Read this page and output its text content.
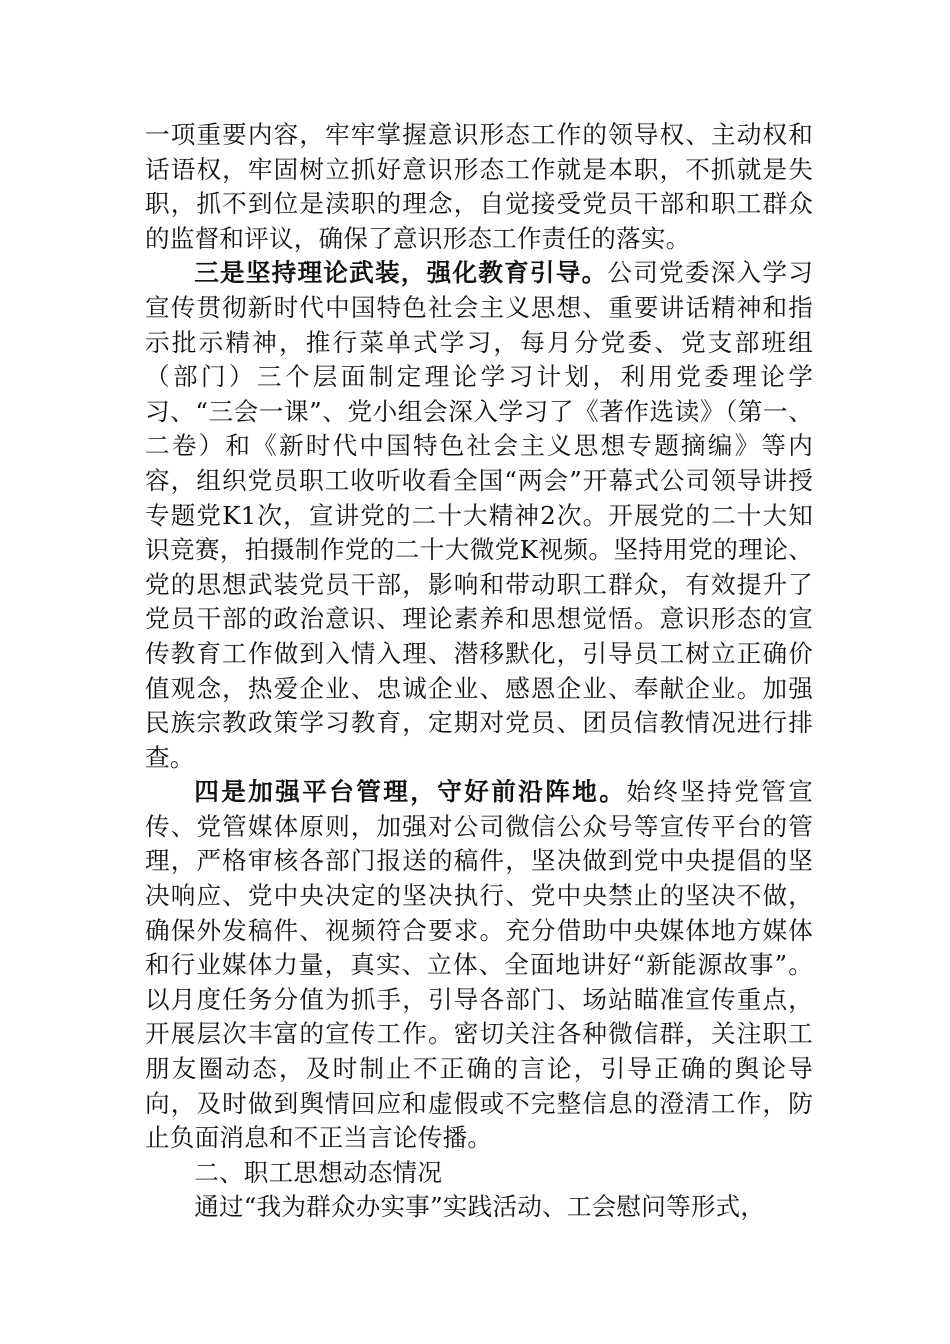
一项重要内容，牢牢掌握意识形态工作的领导权、主动权和话语权，牢固树立抓好意识形态工作就是本职，不抓就是失职，抓不到位是渎职的理念，自觉接受党员干部和职工群众的监督和评议，确保了意识形态工作责任的落实。

三是坚持理论武装，强化教育引导。公司党委深入学习宣传贯彻新时代中国特色社会主义思想、重要讲话精神和指示批示精神，推行菜单式学习，每月分党委、党支部班组（部门）三个层面制定理论学习计划，利用党委理论学习、“三会一课”、党小组会深入学习了《著作选读》（第一、二卷）和《新时代中国特色社会主义思想专题摘编》等内容，组织党员职工收听收看全国“两会”开幕式公司领导讲授专题党K1次，宣讲党的二十大精神2次。开展党的二十大知识竞赛，拍摄制作党的二十大微党K视频。坚持用党的理论、党的思想武装党员干部，影响和带动职工群众，有效提升了党员干部的政治意识、理论素养和思想觉悟。意识形态的宣传教育工作做到入情入理、潜移默化，引导员工树立正确价值观念，热爱企业、忠诚企业、感恩企业、奉献企业。加强民族宗教政策学习教育，定期对党员、团员信教情况进行排查。

四是加强平台管理，守好前沿阵地。始终坚持党管宣传、党管媒体原则，加强对公司微信公众号等宣传平台的管理，严格审核各部门报送的稿件，坚决做到党中央提倡的坚决响应、党中央决定的坚决执行、党中央禁止的坚决不做，确保外发稿件、视频符合要求。充分借助中央媒体地方媒体和行业媒体力量，真实、立体、全面地讲好“新能源故事”。以月度任务分值为抓手，引导各部门、场站瞄准宣传重点，开展层次丰富的宣传工作。密切关注各种微信群，关注职工朋友圈动态，及时制止不正确的言论，引导正确的舆论导向，及时做到舆情回应和虚假或不完整信息的澄清工作，防止负面消息和不正当言论传播。

二、职工思想动态情况

通过“我为群众办实事”实践活动、工会慰问等形式，
